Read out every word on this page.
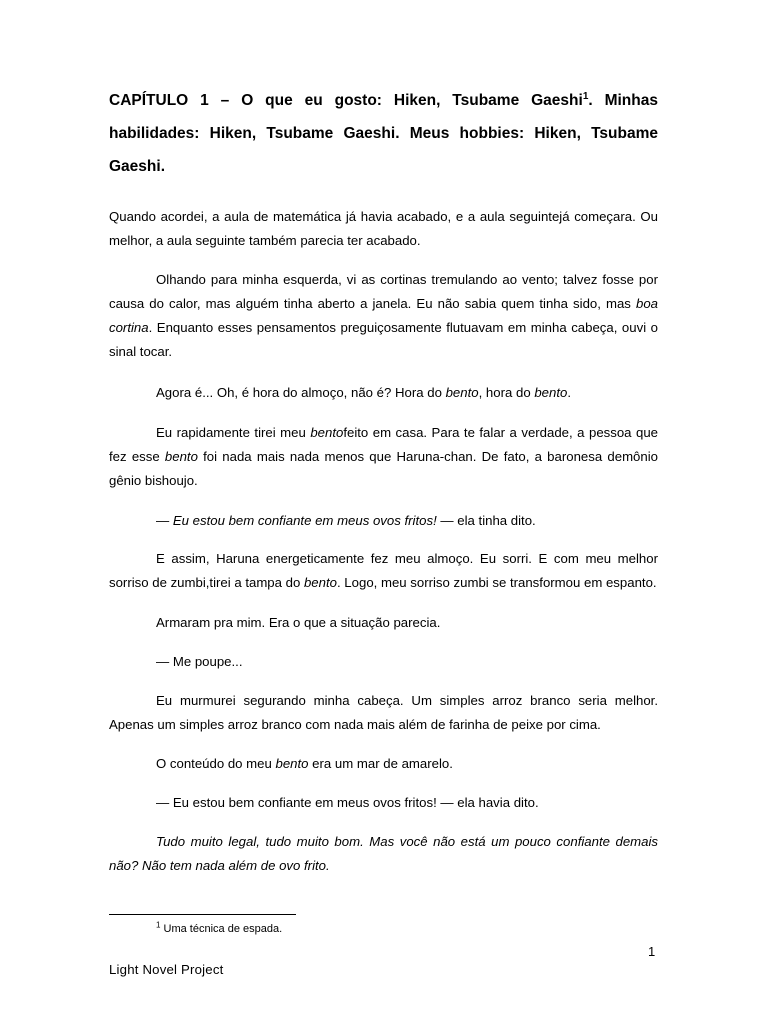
CAPÍTULO 1 – O que eu gosto: Hiken, Tsubame Gaeshi$^1$. Minhas habilidades: Hiken, Tsubame Gaeshi. Meus hobbies: Hiken, Tsubame Gaeshi.

Quando acordei, a aula de matemática já havia acabado, e a aula seguintejá começara. Ou melhor, a aula seguinte também parecia ter acabado.

Olhando para minha esquerda, vi as cortinas tremulando ao vento; talvez fosse por causa do calor, mas alguém tinha aberto a janela. Eu não sabia quem tinha sido, mas boa cortina. Enquanto esses pensamentos preguiçosamente flutuavam em minha cabeça, ouvi o sinal tocar.

Agora é... Oh, é hora do almoço, não é? Hora do bento, hora do bento.

Eu rapidamente tirei meu bentofeito em casa. Para te falar a verdade, a pessoa que fez esse bento foi nada mais nada menos que Haruna-chan. De fato, a baronesa demônio gênio bishoujo.

— Eu estou bem confiante em meus ovos fritos! — ela tinha dito.

E assim, Haruna energeticamente fez meu almoço. Eu sorri. E com meu melhor sorriso de zumbi,tirei a tampa do bento. Logo, meu sorriso zumbi se transformou em espanto.

Armaram pra mim. Era o que a situação parecia.

— Me poupe...

Eu murmurei segurando minha cabeça. Um simples arroz branco seria melhor. Apenas um simples arroz branco com nada mais além de farinha de peixe por cima.

O conteúdo do meu bento era um mar de amarelo.

— Eu estou bem confiante em meus ovos fritos! — ela havia dito.

Tudo muito legal, tudo muito bom. Mas você não está um pouco confiante demais não? Não tem nada além de ovo frito.

$^1$ Uma técnica de espada.
1
Light Novel Project
